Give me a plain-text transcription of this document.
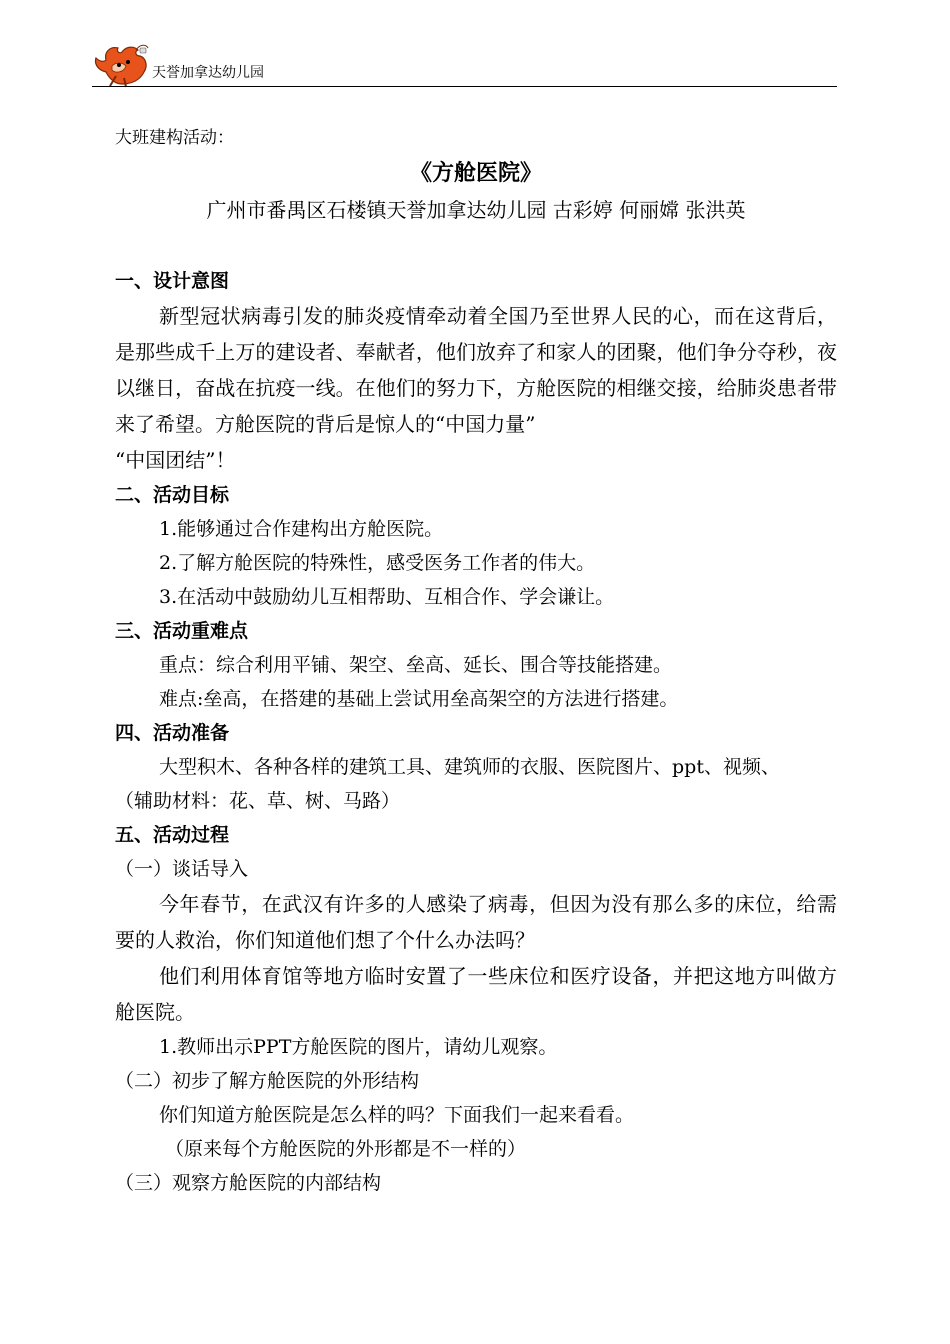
天誉加拿达幼儿园

大班建构活动：

《方舱医院》

广州市番禺区石楼镇天誉加拿达幼儿园 古彩婷 何丽嫦 张洪英

一、设计意图

新型冠状病毒引发的肺炎疫情牵动着全国乃至世界人民的心，而在这背后，是那些成千上万的建设者、奉献者，他们放弃了和家人的团聚，他们争分夺秒，夜以继日，奋战在抗疫一线。在他们的努力下，方舱医院的相继交接，给肺炎患者带来了希望。方舱医院的背后是惊人的“中国力量”

“中国团结”！

二、活动目标

1.能够通过合作建构出方舱医院。

2.了解方舱医院的特殊性，感受医务工作者的伟大。

3.在活动中鼓励幼儿互相帮助、互相合作、学会谦让。

三、活动重难点

重点：综合利用平铺、架空、垒高、延长、围合等技能搭建。

难点:垒高，在搭建的基础上尝试用垒高架空的方法进行搭建。

四、活动准备

大型积木、各种各样的建筑工具、建筑师的衣服、医院图片、ppt、视频、

（辅助材料：花、草、树、马路）

五、活动过程

（一）谈话导入

今年春节，在武汉有许多的人感染了病毒，但因为没有那么多的床位，给需要的人救治，你们知道他们想了个什么办法吗？

他们利用体育馆等地方临时安置了一些床位和医疗设备，并把这地方叫做方舱医院。

1.教师出示PPT方舱医院的图片，请幼儿观察。

（二）初步了解方舱医院的外形结构

你们知道方舱医院是怎么样的吗？下面我们一起来看看。

（原来每个方舱医院的外形都是不一样的）

（三）观察方舱医院的内部结构
